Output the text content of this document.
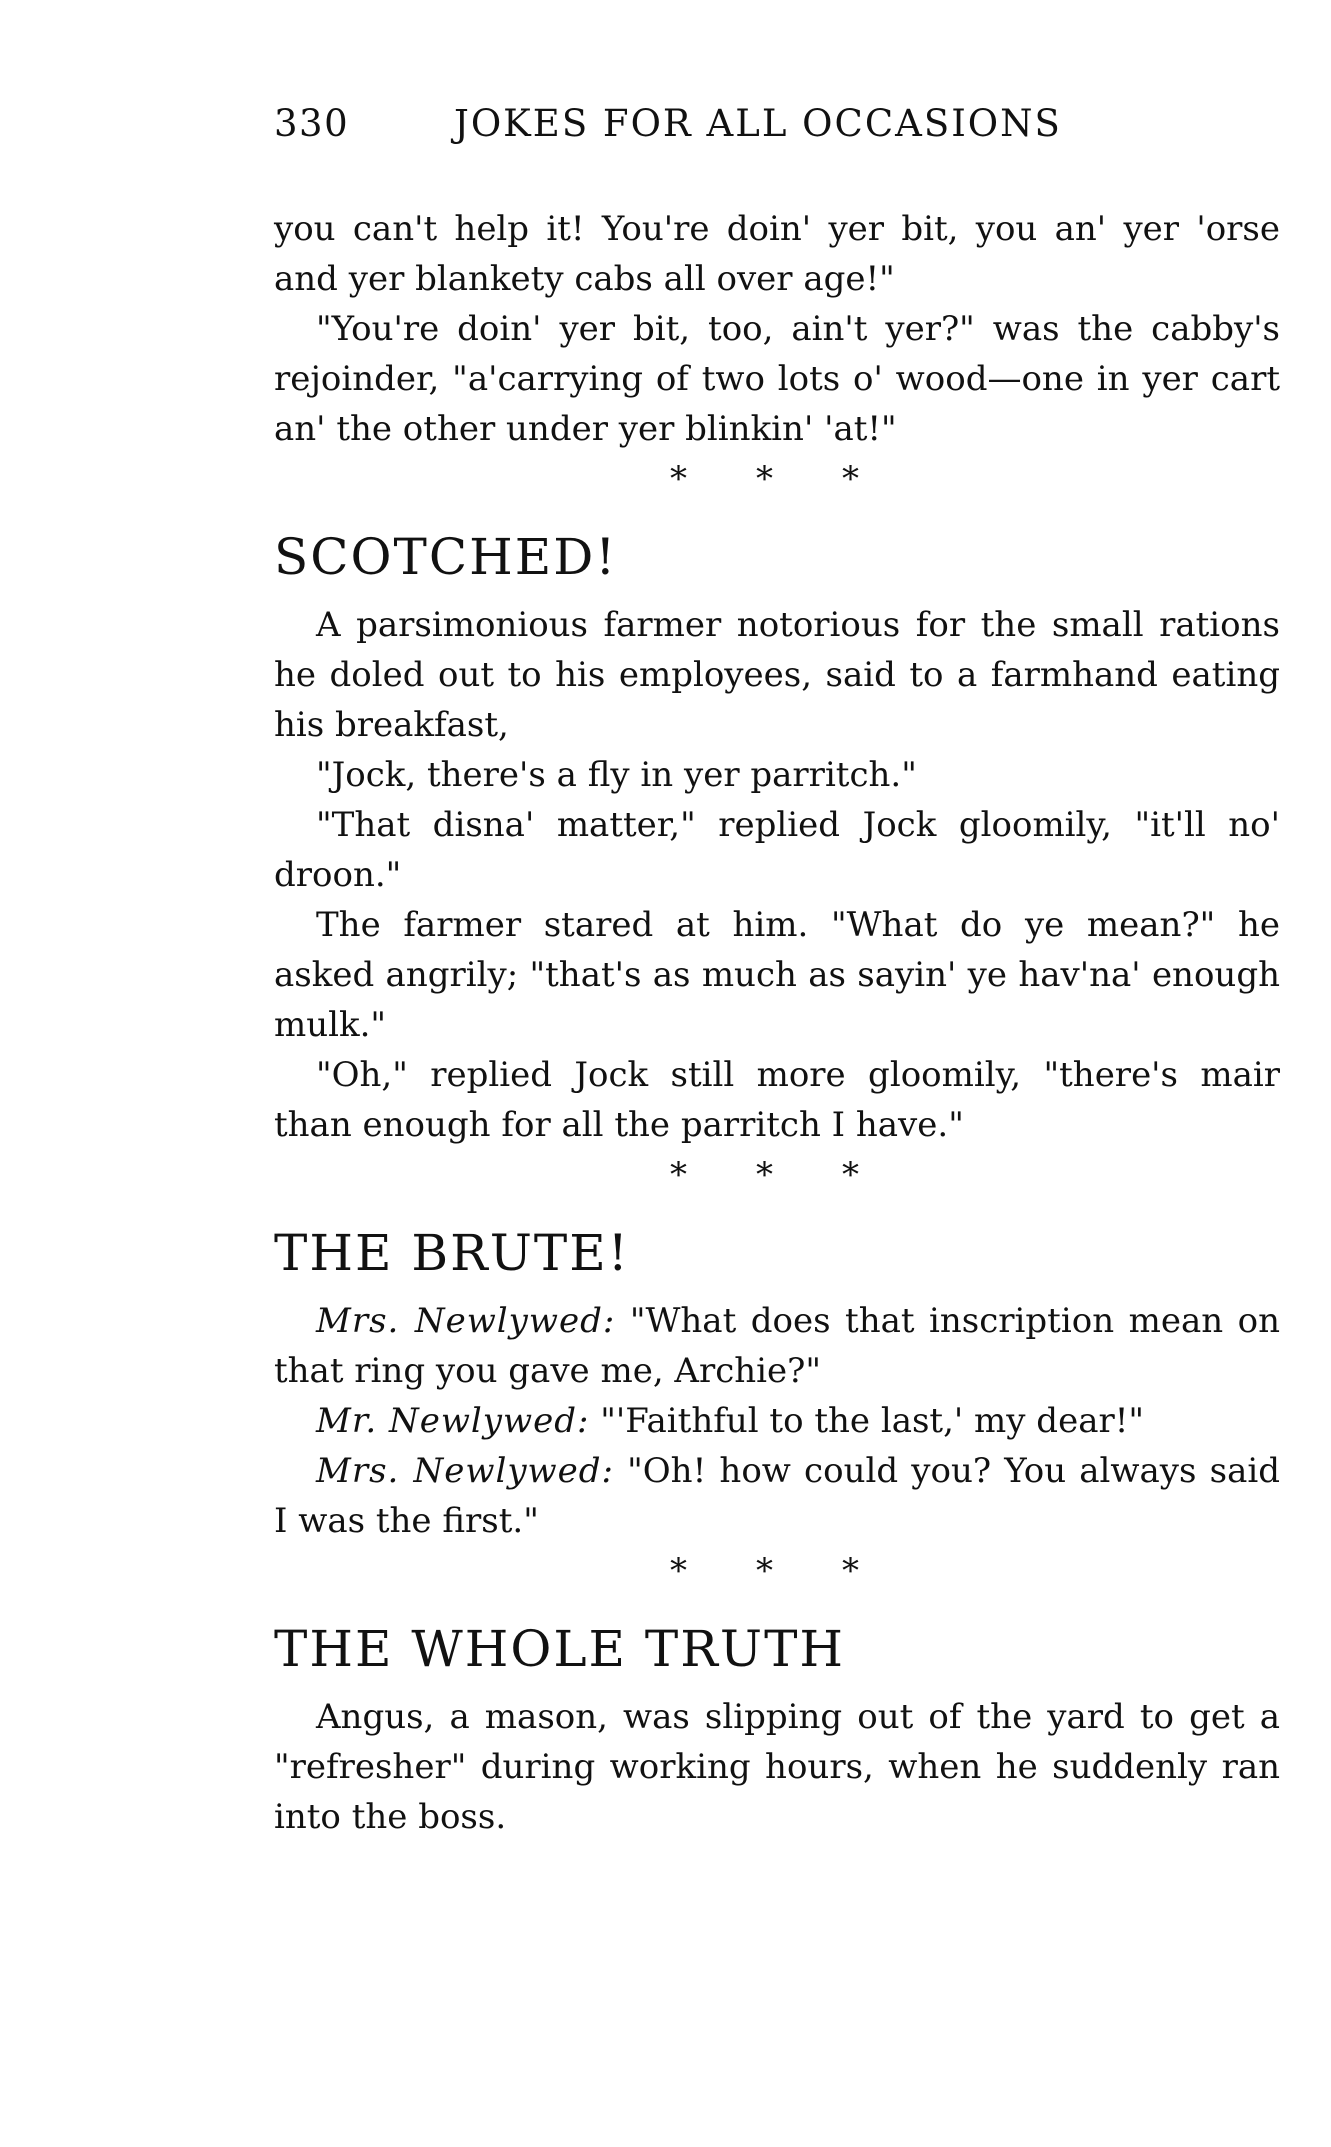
330	JOKES FOR ALL OCCASIONS

you can't help it! You're doin' yer bit, you an' yer 'orse and yer blankety cabs all over age!"

"You're doin' yer bit, too, ain't yer?" was the cabby's rejoinder, "a'carrying of two lots o' wood—one in yer cart an' the other under yer blinkin' 'at!"

* * *
SCOTCHED!

A parsimonious farmer notorious for the small rations he doled out to his employees, said to a farmhand eating his breakfast,

"Jock, there's a fly in yer parritch."

"That disna' matter," replied Jock gloomily, "it'll no' droon."

The farmer stared at him. "What do ye mean?" he asked angrily; "that's as much as sayin' ye hav'na' enough mulk."

"Oh," replied Jock still more gloomily, "there's mair than enough for all the parritch I have."

* * *
THE BRUTE!

Mrs. Newlywed: "What does that inscription mean on that ring you gave me, Archie?"

Mr. Newlywed: "'Faithful to the last,' my dear!"

Mrs. Newlywed: "Oh! how could you? You always said I was the first."

* * *
THE WHOLE TRUTH

Angus, a mason, was slipping out of the yard to get a "refresher" during working hours, when he suddenly ran into the boss.
